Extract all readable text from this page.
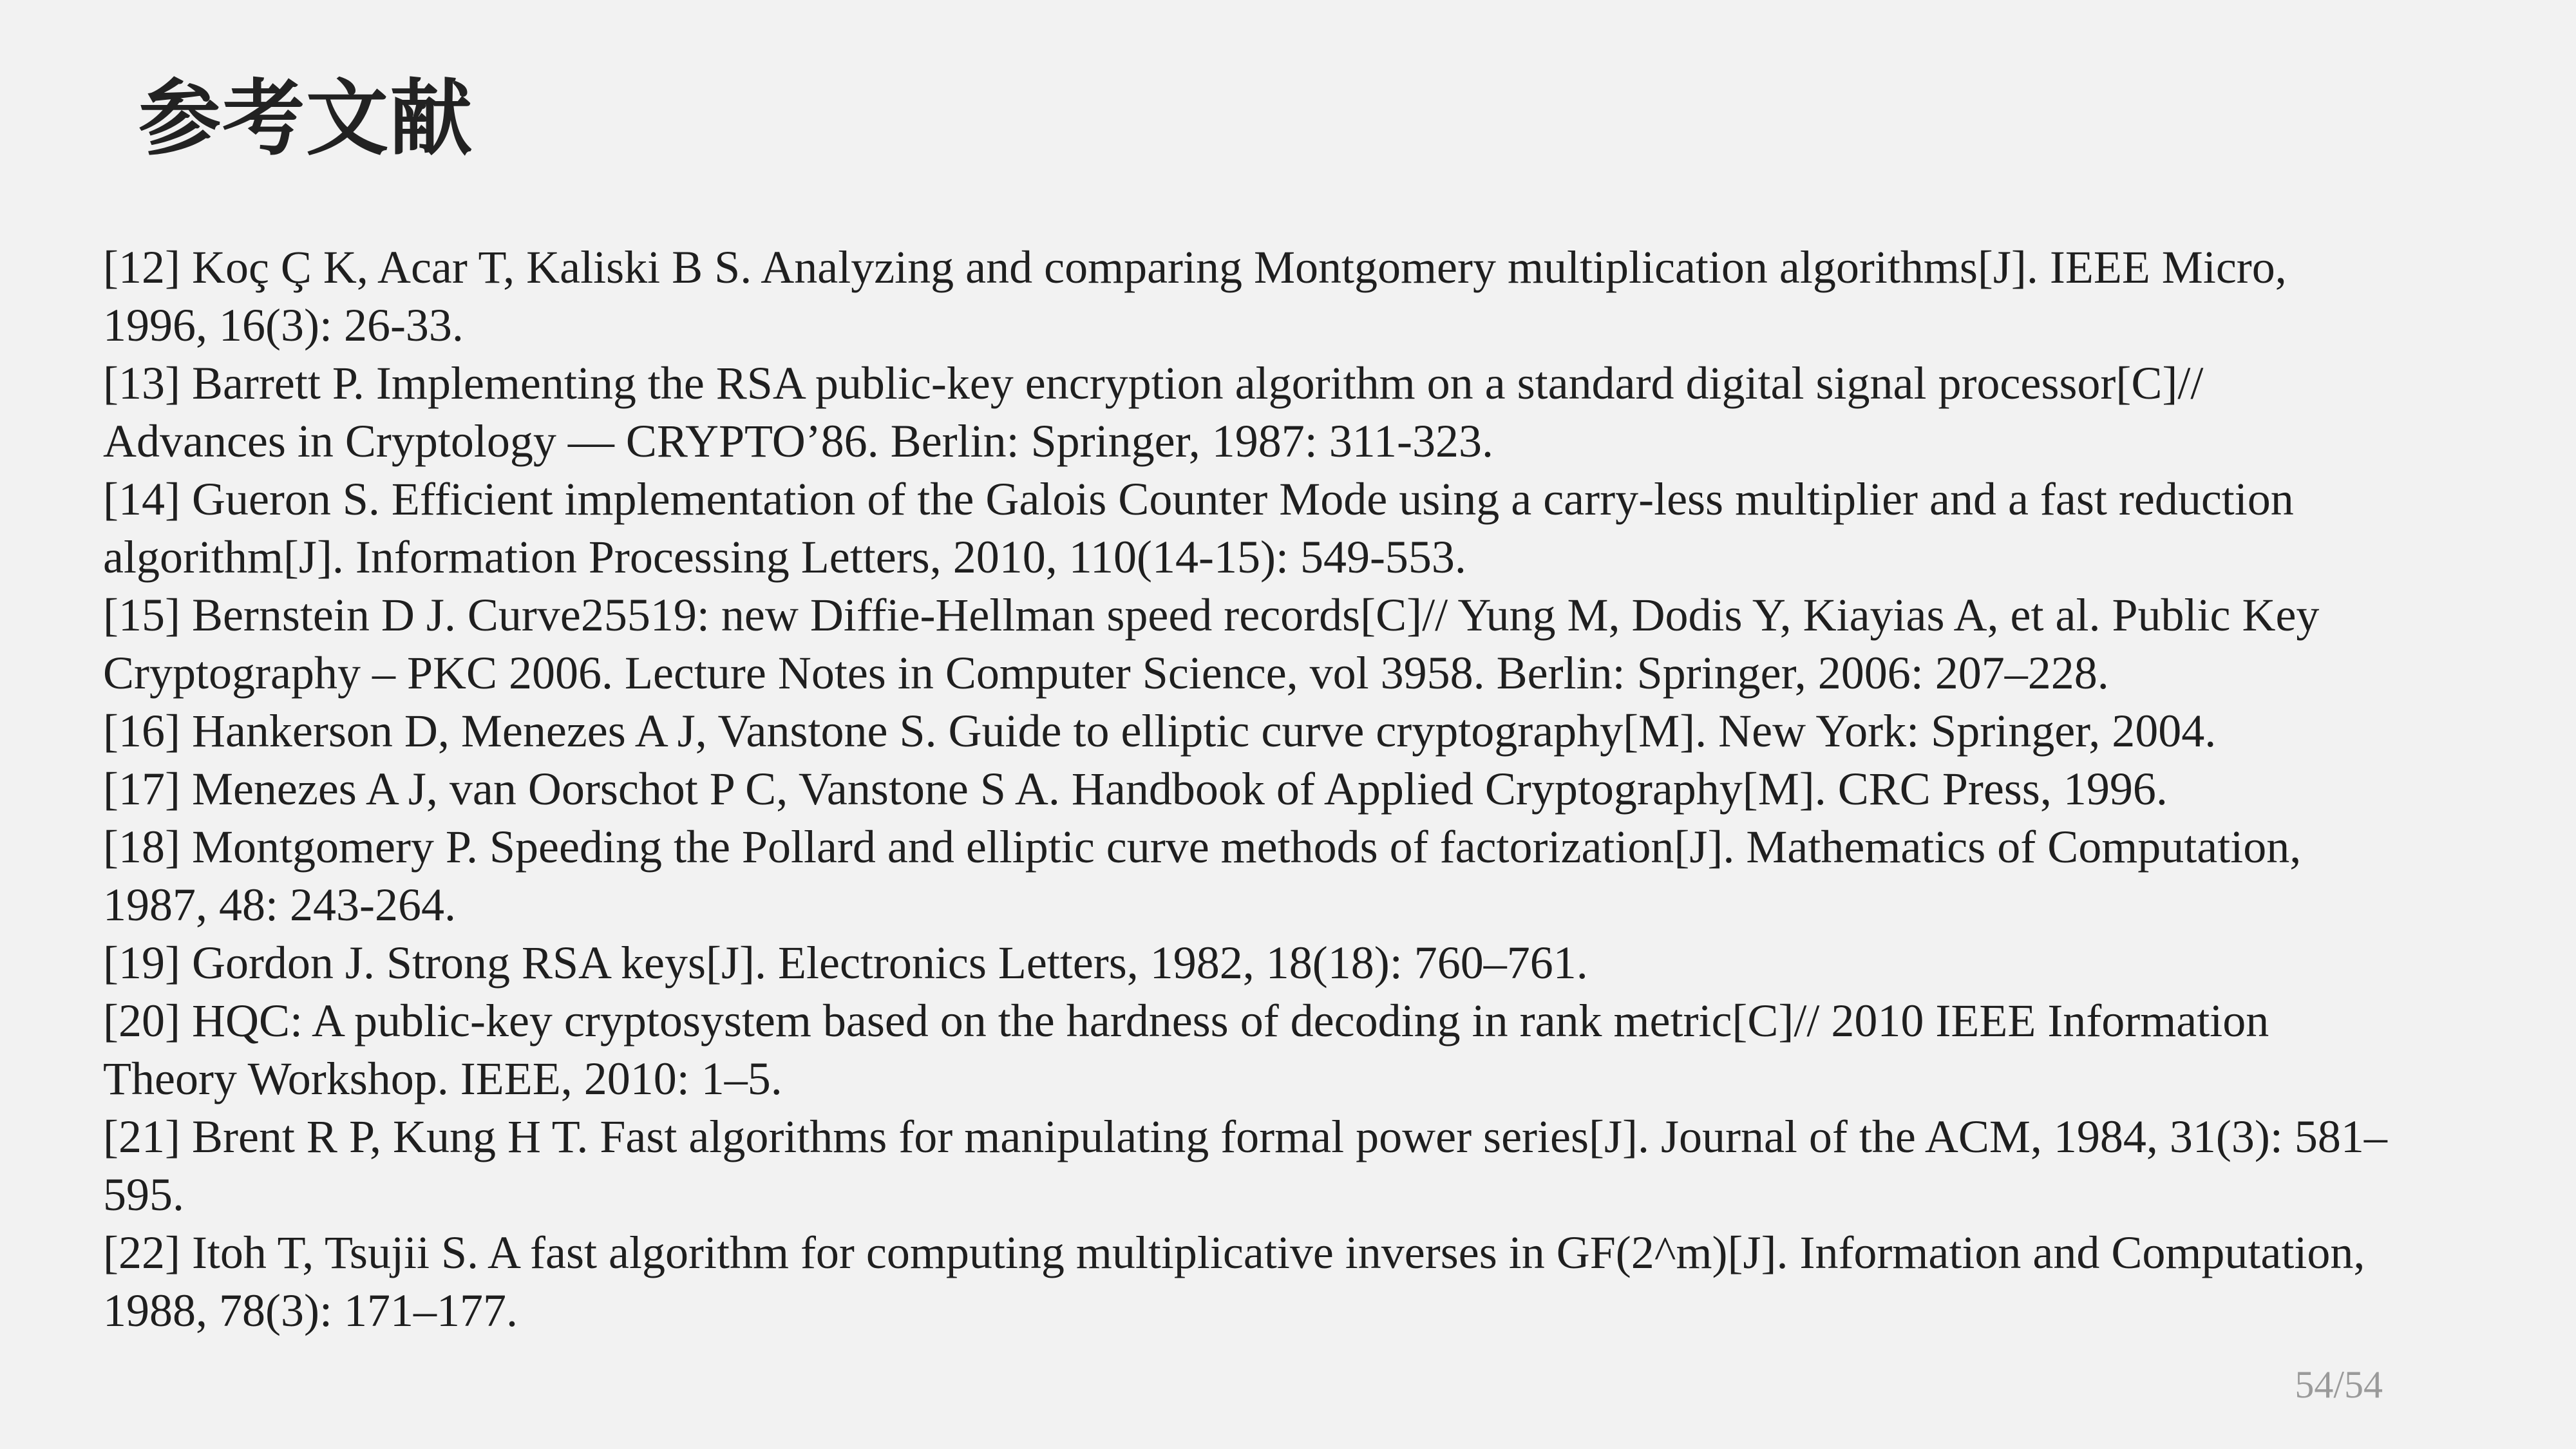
参考文献
[12] Koç Ç K, Acar T, Kaliski B S. Analyzing and comparing Montgomery multiplication algorithms[J]. IEEE Micro,
1996, 16(3): 26-33.
[13] Barrett P. Implementing the RSA public-key encryption algorithm on a standard digital signal processor[C]//
Advances in Cryptology — CRYPTO’86. Berlin: Springer, 1987: 311-323.
[14] Gueron S. Efficient implementation of the Galois Counter Mode using a carry-less multiplier and a fast reduction
algorithm[J]. Information Processing Letters, 2010, 110(14-15): 549-553.
[15] Bernstein D J. Curve25519: new Diffie-Hellman speed records[C]// Yung M, Dodis Y, Kiayias A, et al. Public Key
Cryptography – PKC 2006. Lecture Notes in Computer Science, vol 3958. Berlin: Springer, 2006: 207–228.
[16] Hankerson D, Menezes A J, Vanstone S. Guide to elliptic curve cryptography[M]. New York: Springer, 2004.
[17] Menezes A J, van Oorschot P C, Vanstone S A. Handbook of Applied Cryptography[M]. CRC Press, 1996.
[18] Montgomery P. Speeding the Pollard and elliptic curve methods of factorization[J]. Mathematics of Computation,
1987, 48: 243-264.
[19] Gordon J. Strong RSA keys[J]. Electronics Letters, 1982, 18(18): 760–761.
[20] HQC: A public-key cryptosystem based on the hardness of decoding in rank metric[C]// 2010 IEEE Information
Theory Workshop. IEEE, 2010: 1–5.
[21] Brent R P, Kung H T. Fast algorithms for manipulating formal power series[J]. Journal of the ACM, 1984, 31(3): 581–
595.
[22] Itoh T, Tsujii S. A fast algorithm for computing multiplicative inverses in GF(2^m)[J]. Information and Computation,
1988, 78(3): 171–177.
54/54
